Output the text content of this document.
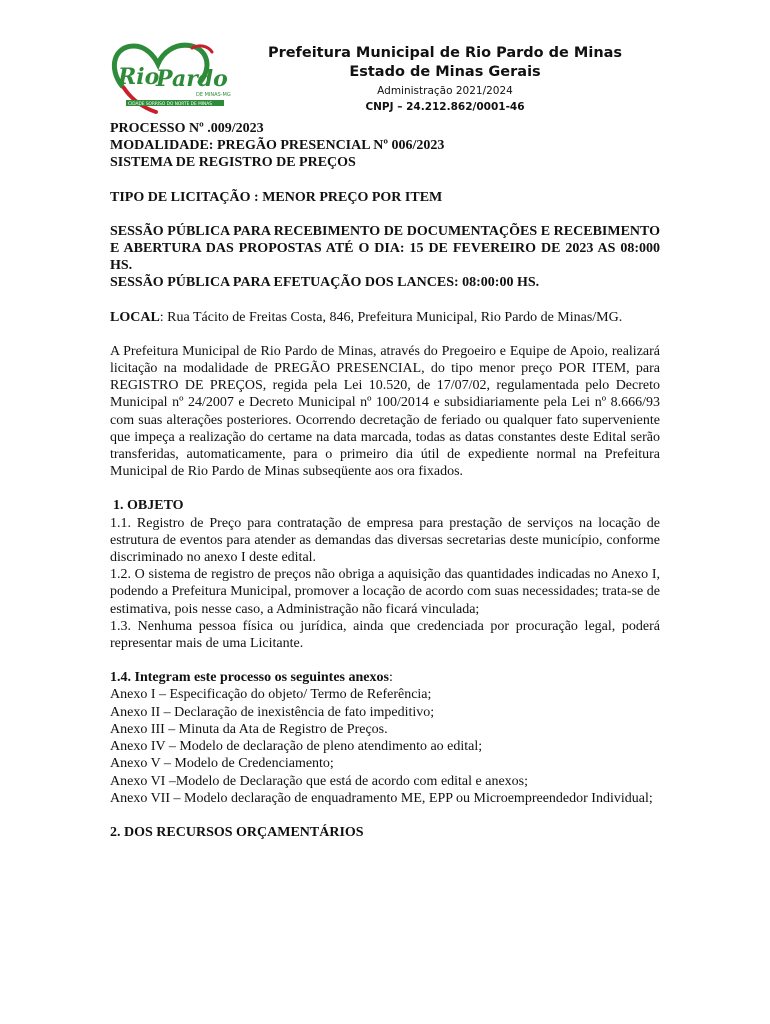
Rio
Pardo
DE MINAS-MG
CIDADE SORRISO DO NORTE DE MINAS
Prefeitura Municipal de Rio Pardo de Minas
Estado de Minas Gerais
Administração 2021/2024
CNPJ – 24.212.862/0001-46

PROCESSO Nº .009/2023

MODALIDADE: PREGÃO PRESENCIAL Nº 006/2023

SISTEMA DE REGISTRO DE PREÇOS

TIPO DE LICITAÇÃO : MENOR PREÇO POR ITEM

SESSÃO PÚBLICA PARA RECEBIMENTO DE DOCUMENTAÇÕES E RECEBIMENTO E ABERTURA DAS PROPOSTAS ATÉ O DIA: 15 DE FEVEREIRO DE 2023 AS 08:000 HS.

SESSÃO PÚBLICA PARA EFETUAÇÃO DOS LANCES: 08:00:00 HS.

LOCAL: Rua Tácito de Freitas Costa, 846, Prefeitura Municipal, Rio Pardo de Minas/MG.

A Prefeitura Municipal de Rio Pardo de Minas, através do Pregoeiro e Equipe de Apoio, realizará licitação na modalidade de PREGÃO PRESENCIAL, do tipo menor preço POR ITEM, para REGISTRO DE PREÇOS, regida pela Lei 10.520, de 17/07/02, regulamentada pelo Decreto Municipal nº 24/2007 e Decreto Municipal nº 100/2014 e subsidiariamente pela Lei nº 8.666/93 com suas alterações posteriores. Ocorrendo decretação de feriado ou qualquer fato superveniente que impeça a realização do certame na data marcada, todas as datas constantes deste Edital serão transferidas, automaticamente, para o primeiro dia útil de expediente normal na Prefeitura Municipal de Rio Pardo de Minas subseqüente aos ora fixados.

1. OBJETO

1.1. Registro de Preço para contratação de empresa para prestação de serviços na locação de estrutura de eventos para atender as demandas das diversas secretarias deste município, conforme discriminado no anexo I deste edital.

1.2. O sistema de registro de preços não obriga a aquisição das quantidades indicadas no Anexo I, podendo a Prefeitura Municipal, promover a locação de acordo com suas necessidades; trata-se de estimativa, pois nesse caso, a Administração não ficará vinculada;

1.3. Nenhuma pessoa física ou jurídica, ainda que credenciada por procuração legal, poderá representar mais de uma Licitante.

1.4. Integram este processo os seguintes anexos:

Anexo I – Especificação do objeto/ Termo de Referência;

Anexo II – Declaração de inexistência de fato impeditivo;

Anexo III – Minuta da Ata de Registro de Preços.

Anexo IV – Modelo de declaração de pleno atendimento ao edital;

Anexo V – Modelo de Credenciamento;

Anexo VI –Modelo de Declaração que está de acordo com edital e anexos;

Anexo VII – Modelo declaração de enquadramento ME, EPP ou Microempreendedor Individual;

2. DOS RECURSOS ORÇAMENTÁRIOS
